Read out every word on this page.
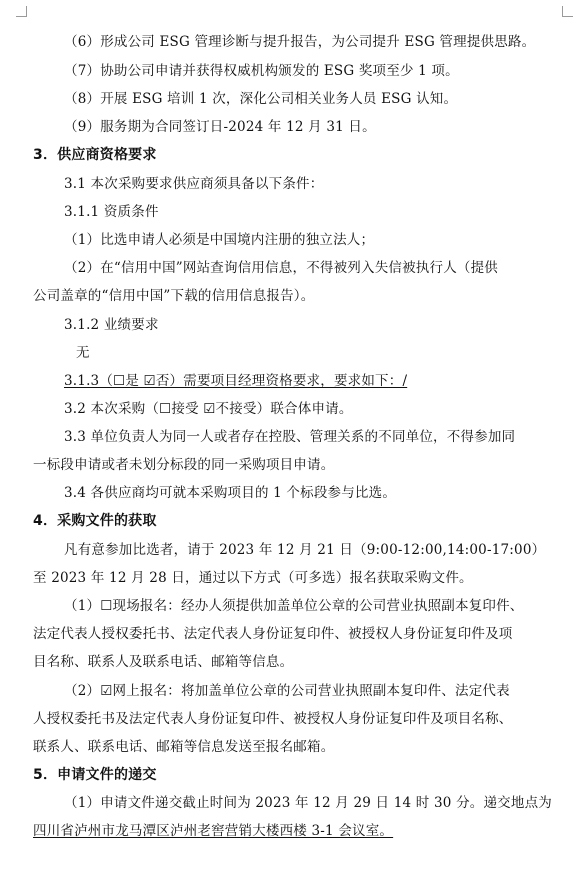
（6）形成公司 ESG 管理诊断与提升报告，为公司提升 ESG 管理提供思路。
（7）协助公司申请并获得权威机构颁发的 ESG 奖项至少 1 项。
（8）开展 ESG 培训 1 次，深化公司相关业务人员 ESG 认知。
（9）服务期为合同签订日-2024 年 12 月 31 日。
3．供应商资格要求
3.1 本次采购要求供应商须具备以下条件：
3.1.1 资质条件
（1）比选申请人必须是中国境内注册的独立法人；
（2）在“信用中国”网站查询信用信息，不得被列入失信被执行人（提供
公司盖章的“信用中国”下载的信用信息报告）。
3.1.2 业绩要求
无
3.1.3（☐是 ☑否）需要项目经理资格要求，要求如下：/
3.2 本次采购（☐接受 ☑不接受）联合体申请。
3.3 单位负责人为同一人或者存在控股、管理关系的不同单位，不得参加同
一标段申请或者未划分标段的同一采购项目申请。
3.4 各供应商均可就本采购项目的 1 个标段参与比选。
4．采购文件的获取
凡有意参加比选者，请于 2023 年 12 月 21 日（9:00-12:00,14:00-17:00）
至 2023 年 12 月 28 日，通过以下方式（可多选）报名获取采购文件。
（1）☐现场报名：经办人须提供加盖单位公章的公司营业执照副本复印件、
法定代表人授权委托书、法定代表人身份证复印件、被授权人身份证复印件及项
目名称、联系人及联系电话、邮箱等信息。
（2）☑网上报名：将加盖单位公章的公司营业执照副本复印件、法定代表
人授权委托书及法定代表人身份证复印件、被授权人身份证复印件及项目名称、
联系人、联系电话、邮箱等信息发送至报名邮箱。
5．申请文件的递交
（1）申请文件递交截止时间为 2023 年 12 月 29 日 14 时 30 分。递交地点为
四川省泸州市龙马潭区泸州老窖营销大楼西楼 3-1 会议室。
